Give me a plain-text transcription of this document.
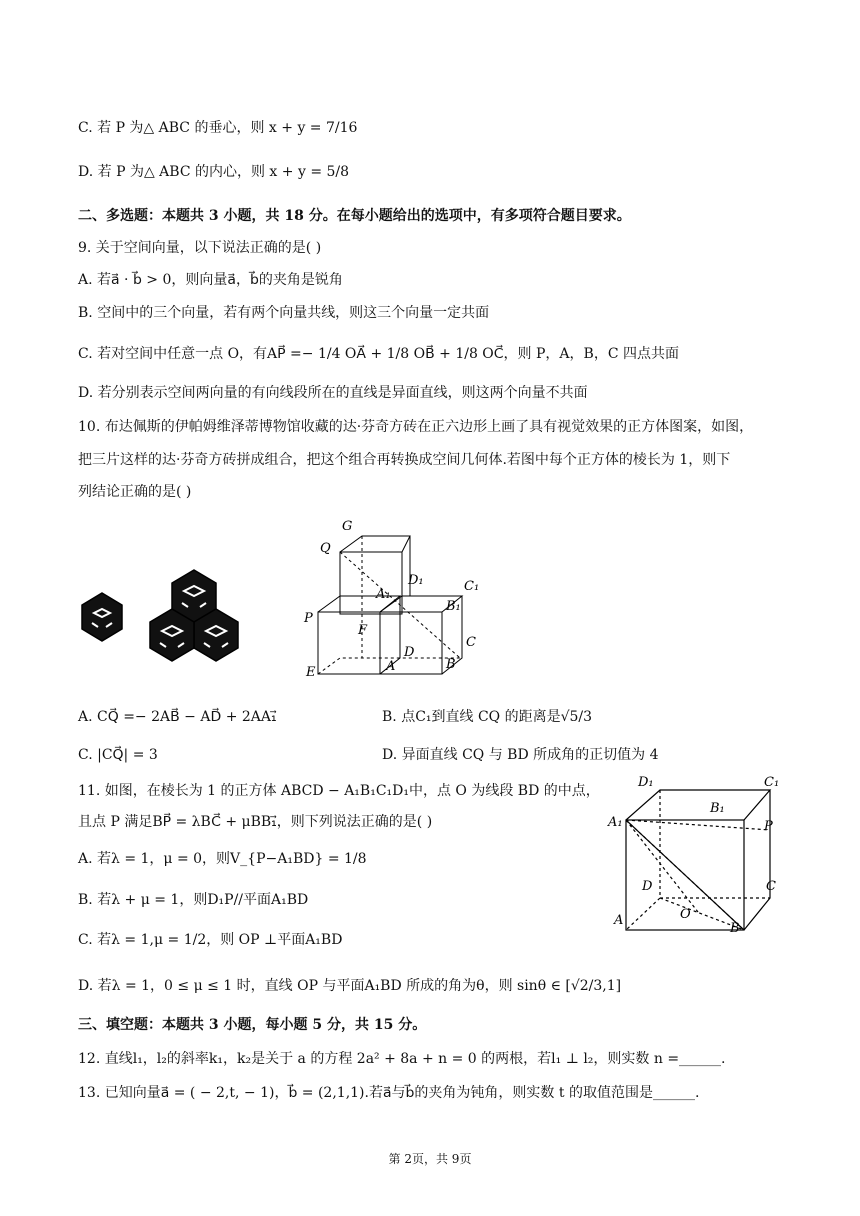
C. 若 P 为△ ABC 的垂心，则 x + y = 7/16
D. 若 P 为△ ABC 的内心，则 x + y = 5/8
二、多选题：本题共 3 小题，共 18 分。在每小题给出的选项中，有多项符合题目要求。
9. 关于空间向量，以下说法正确的是( )
A. 若a⃗ · b⃗ > 0，则向量a⃗，b⃗的夹角是锐角
B. 空间中的三个向量，若有两个向量共线，则这三个向量一定共面
C. 若对空间中任意一点 O，有AP⃗ =− 1/4 OA⃗ + 1/8 OB⃗ + 1/8 OC⃗，则 P，A，B，C 四点共面
D. 若分别表示空间两向量的有向线段所在的直线是异面直线，则这两个向量不共面
10. 布达佩斯的伊帕姆维泽蒂博物馆收藏的达·芬奇方砖在正六边形上画了具有视觉效果的正方体图案，如图，
把三片这样的达·芬奇方砖拼成组合，把这个组合再转换成空间几何体.若图中每个正方体的棱长为 1，则下
列结论正确的是( )
G
Q
D₁	C₁
A₁
B₁
P
F
D
C
E	A	B
A. CQ⃗ =− 2AB⃗ − AD⃗ + 2AA₁⃗	B. 点C₁到直线 CQ 的距离是√5/3
C. |CQ⃗| = 3	D. 异面直线 CQ 与 BD 所成角的正切值为 4
11. 如图，在棱长为 1 的正方体 ABCD − A₁B₁C₁D₁中，点 O 为线段 BD 的中点，
且点 P 满足BP⃗ = λBC⃗ + μBB₁⃗，则下列说法正确的是( )
A. 若λ = 1，μ = 0，则V_{P−A₁BD} = 1/8
B. 若λ + μ = 1，则D₁P//平面A₁BD
C. 若λ = 1,μ = 1/2，则 OP ⊥平面A₁BD
D. 若λ = 1，0 ≤ μ ≤ 1 时，直线 OP 与平面A₁BD 所成的角为θ，则 sinθ ∈ [√2/3,1]
D₁	C₁
B₁
A₁	P
D	C
O
A
B
三、填空题：本题共 3 小题，每小题 5 分，共 15 分。
12. 直线l₁，l₂的斜率k₁，k₂是关于 a 的方程 2a² + 8a + n = 0 的两根，若l₁ ⊥ l₂，则实数 n =______.
13. 已知向量a⃗ = ( − 2,t, − 1)，b⃗ = (2,1,1).若a⃗与b⃗的夹角为钝角，则实数 t 的取值范围是______.
第 2页，共 9页
